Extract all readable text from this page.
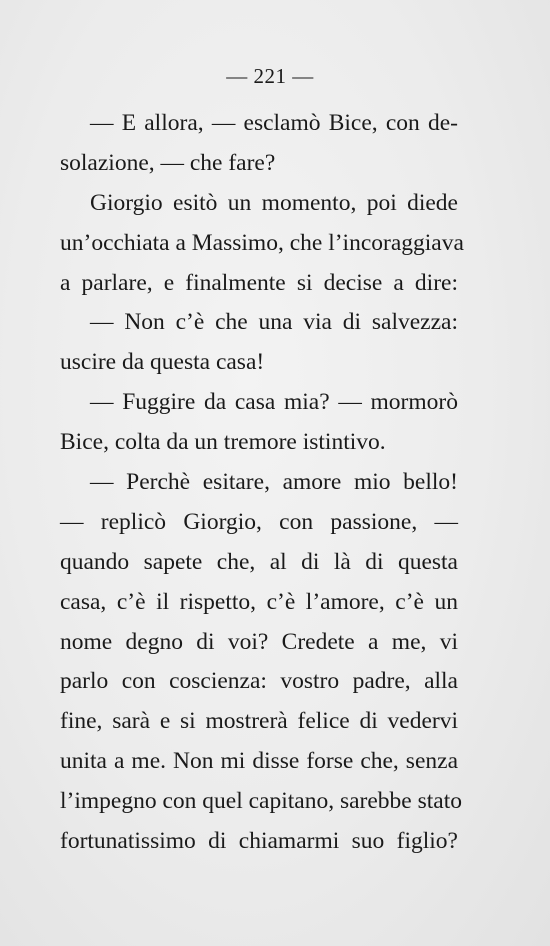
— 221 —
— E allora, — esclamò Bice, con de-
solazione, — che fare?
Giorgio esitò un momento, poi diede
un’occhiata a Massimo, che l’incoraggiava
a parlare, e finalmente si decise a dire:
— Non c’è che una via di salvezza:
uscire da questa casa!
— Fuggire da casa mia? — mormorò
Bice, colta da un tremore istintivo.
— Perchè esitare, amore mio bello!
— replicò Giorgio, con passione, —
quando sapete che, al di là di questa
casa, c’è il rispetto, c’è l’amore, c’è un
nome degno di voi? Credete a me, vi
parlo con coscienza: vostro padre, alla
fine, sarà e si mostrerà felice di vedervi
unita a me. Non mi disse forse che, senza
l’impegno con quel capitano, sarebbe stato
fortunatissimo di chiamarmi suo figlio?
